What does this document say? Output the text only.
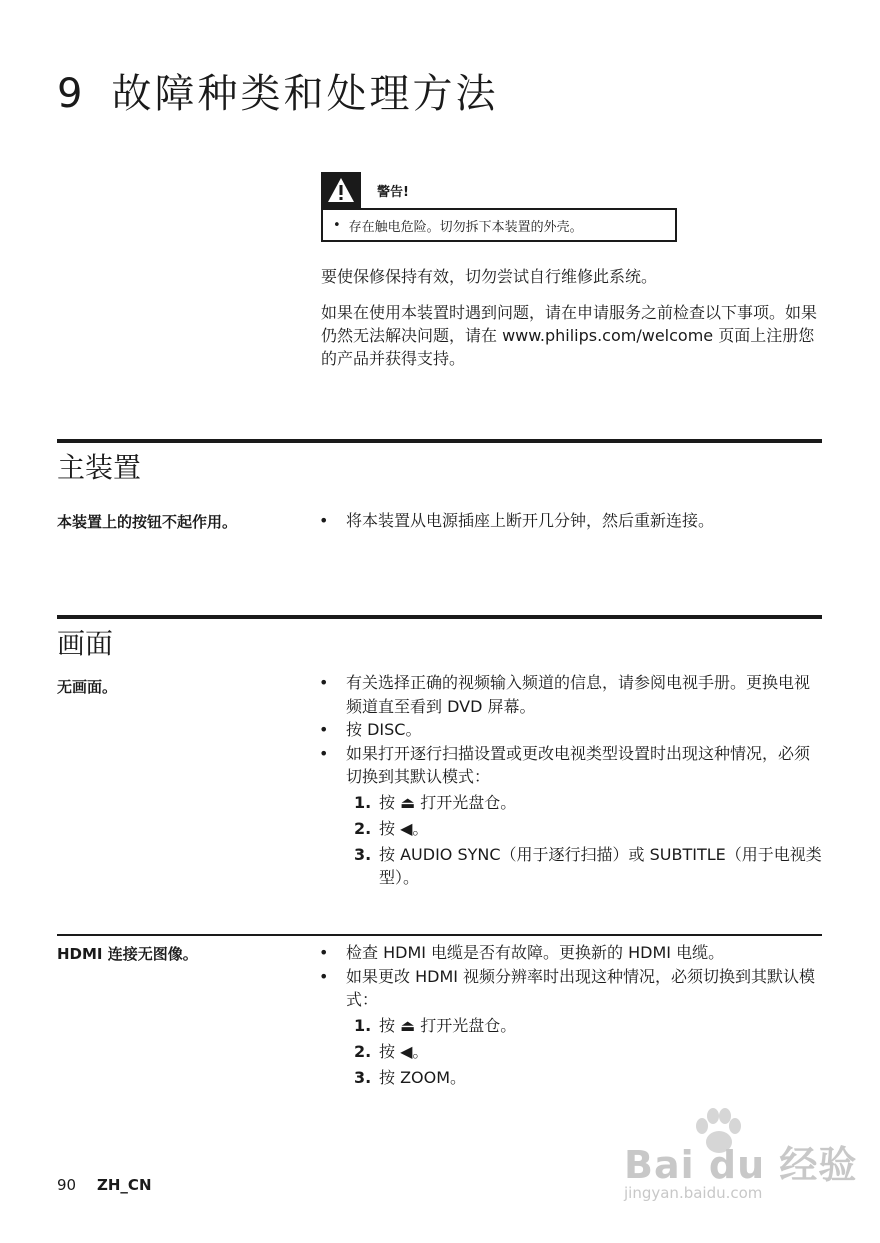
9 故障种类和处理方法
警告!
• 存在触电危险。切勿拆下本装置的外壳。

要使保修保持有效，切勿尝试自行维修此系统。

如果在使用本装置时遇到问题，请在申请服务之前检查以下事项。如果仍然无法解决问题，请在 www.philips.com/welcome 页面上注册您的产品并获得支持。

主装置

本装置上的按钮不起作用。	• 将本装置从电源插座上断开几分钟，然后重新连接。
画面

无画面。	• 有关选择正确的视频输入频道的信息，请参阅电视手册。更换电视频道直至看到 DVD 屏幕。
• 按 DISC。
• 如果打开逐行扫描设置或更改电视类型设置时出现这种情况，必须切换到其默认模式：
1. 按 ⏏ 打开光盘仓。
2. 按 ◀。
3. 按 AUDIO SYNC（用于逐行扫描）或 SUBTITLE（用于电视类型）。

HDMI 连接无图像。	• 检查 HDMI 电缆是否有故障。更换新的 HDMI 电缆。
• 如果更改 HDMI 视频分辨率时出现这种情况，必须切换到其默认模式：
1. 按 ⏏ 打开光盘仓。
2. 按 ◀。
3. 按 ZOOM。
90 ZH_CN	Bai du 经验
jingyan.baidu.com
